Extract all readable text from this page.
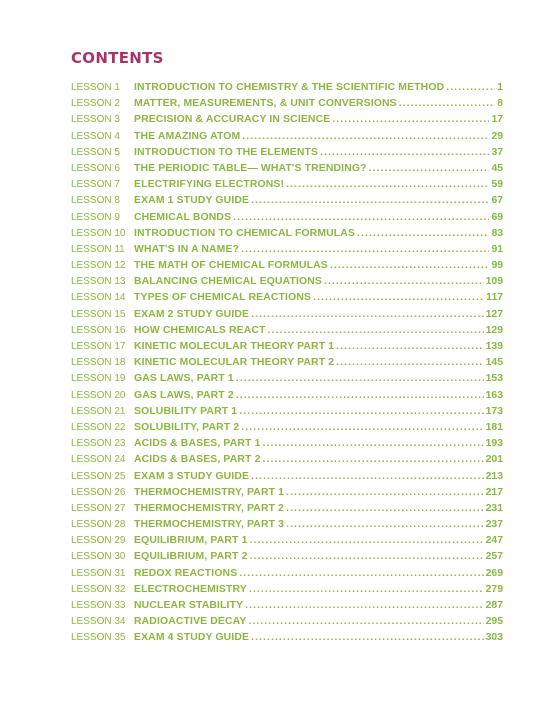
CONTENTS
LESSON 1	INTRODUCTION TO CHEMISTRY & THE SCIENTIFIC METHOD . . .	1
LESSON 2	MATTER, MEASUREMENTS, & UNIT CONVERSIONS . . .	8
LESSON 3	PRECISION & ACCURACY IN SCIENCE . . .	17
LESSON 4	THE AMAZING ATOM . . .	29
LESSON 5	INTRODUCTION TO THE ELEMENTS . . .	37
LESSON 6	THE PERIODIC TABLE— WHAT'S TRENDING? . . .	45
LESSON 7	ELECTRIFYING ELECTRONS! . . .	59
LESSON 8	EXAM 1 STUDY GUIDE . . .	67
LESSON 9	CHEMICAL BONDS . . .	69
LESSON 10 INTRODUCTION TO CHEMICAL FORMULAS . . .	83
LESSON 11 WHAT'S IN A NAME? . . .	91
LESSON 12 THE MATH OF CHEMICAL FORMULAS . . .	99
LESSON 13 BALANCING CHEMICAL EQUATIONS . . .	109
LESSON 14 TYPES OF CHEMICAL REACTIONS . . .	117
LESSON 15 EXAM 2 STUDY GUIDE . . .	127
LESSON 16 HOW CHEMICALS REACT . . .	129
LESSON 17 KINETIC MOLECULAR THEORY PART 1 . . .	139
LESSON 18 KINETIC MOLECULAR THEORY PART 2 . . .	145
LESSON 19 GAS LAWS, PART 1 . . .	153
LESSON 20 GAS LAWS, PART 2 . . .	163
LESSON 21 SOLUBILITY PART 1 . . .	173
LESSON 22 SOLUBILITY, PART 2 . . .	181
LESSON 23 ACIDS & BASES, PART 1 . . .	193
LESSON 24 ACIDS & BASES, PART 2 . . .	201
LESSON 25 EXAM 3 STUDY GUIDE . . .	213
LESSON 26 THERMOCHEMISTRY, PART 1 . . .	217
LESSON 27 THERMOCHEMISTRY, PART 2 . . .	231
LESSON 28 THERMOCHEMISTRY, PART 3 . . .	237
LESSON 29 EQUILIBRIUM, PART 1 . . .	247
LESSON 30 EQUILIBRIUM, PART 2 . . .	257
LESSON 31 REDOX REACTIONS . . .	269
LESSON 32 ELECTROCHEMISTRY . . .	279
LESSON 33 NUCLEAR STABILITY . . .	287
LESSON 34 RADIOACTIVE DECAY . . .	295
LESSON 35 EXAM 4 STUDY GUIDE . . .	303
